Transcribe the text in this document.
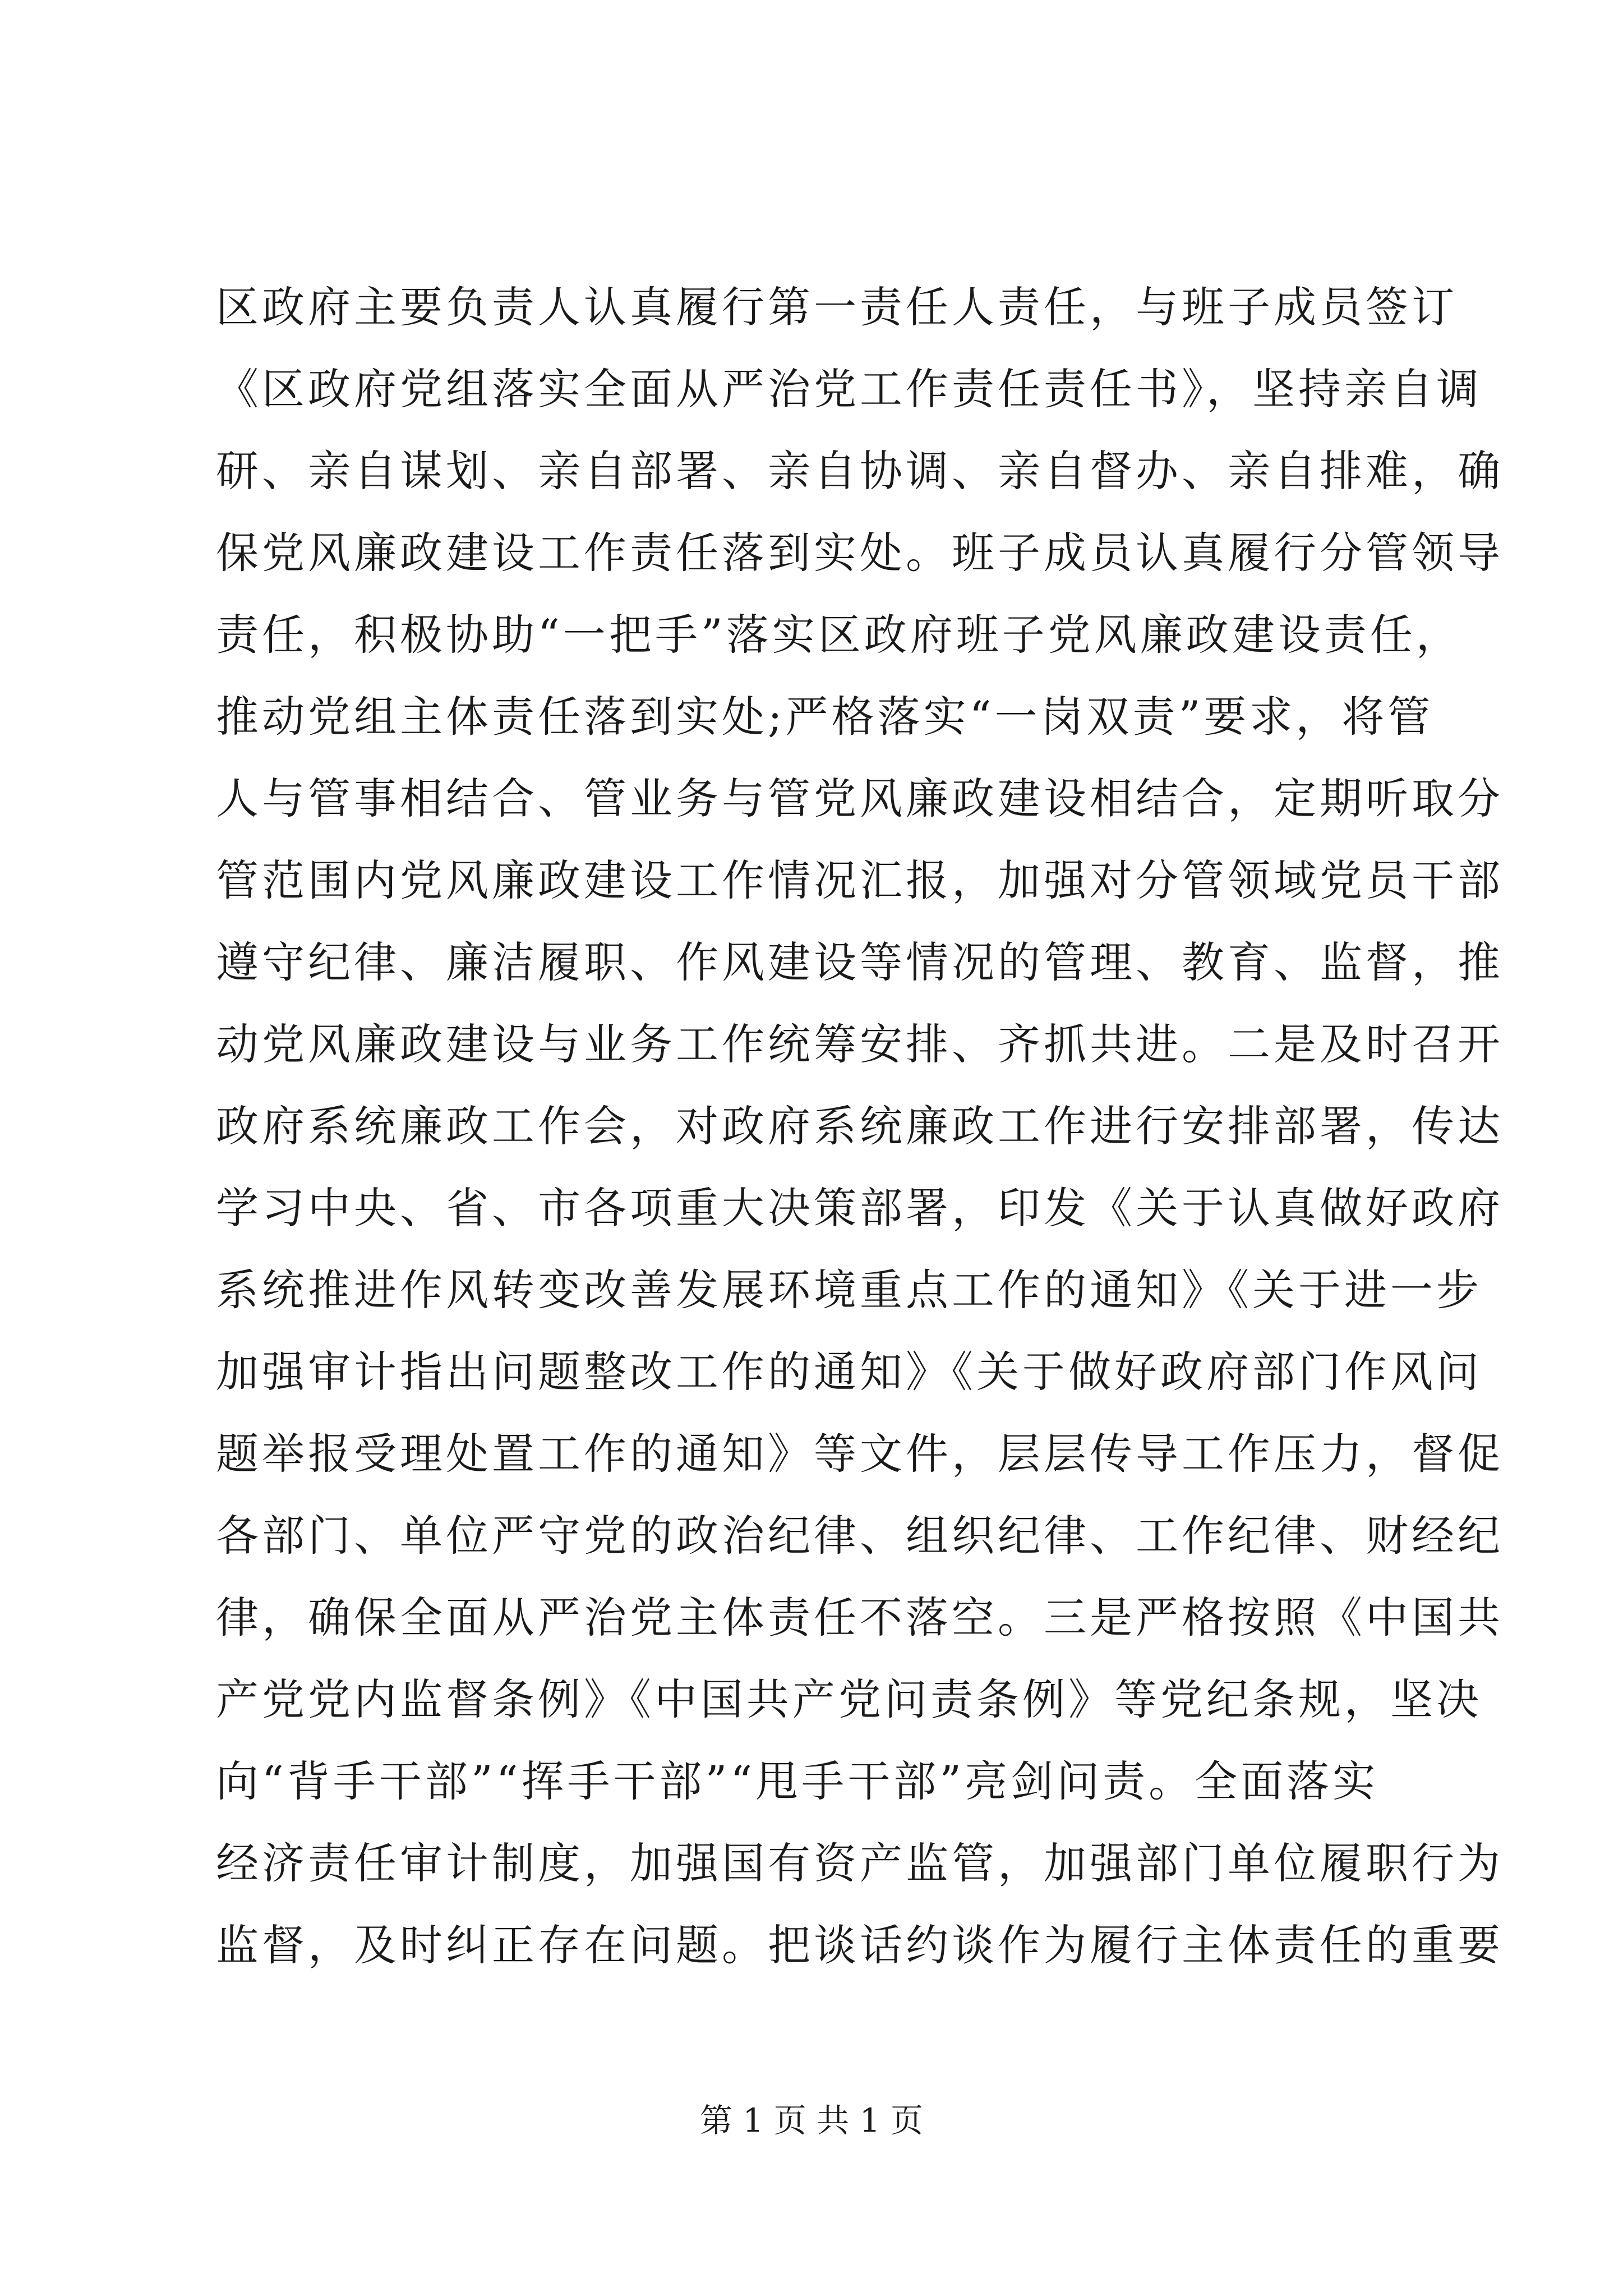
区政府主要负责人认真履行第一责任人责任，与班子成员签订
《区政府党组落实全面从严治党工作责任责任书》，坚持亲自调
研、亲自谋划、亲自部署、亲自协调、亲自督办、亲自排难，确
保党风廉政建设工作责任落到实处。班子成员认真履行分管领导
责任，积极协助“一把手”落实区政府班子党风廉政建设责任，
推动党组主体责任落到实处;严格落实“一岗双责”要求，将管
人与管事相结合、管业务与管党风廉政建设相结合，定期听取分
管范围内党风廉政建设工作情况汇报，加强对分管领域党员干部
遵守纪律、廉洁履职、作风建设等情况的管理、教育、监督，推
动党风廉政建设与业务工作统筹安排、齐抓共进。二是及时召开
政府系统廉政工作会，对政府系统廉政工作进行安排部署，传达
学习中央、省、市各项重大决策部署，印发《关于认真做好政府
系统推进作风转变改善发展环境重点工作的通知》《关于进一步
加强审计指出问题整改工作的通知》《关于做好政府部门作风问
题举报受理处置工作的通知》等文件，层层传导工作压力，督促
各部门、单位严守党的政治纪律、组织纪律、工作纪律、财经纪
律，确保全面从严治党主体责任不落空。三是严格按照《中国共
产党党内监督条例》《中国共产党问责条例》等党纪条规，坚决
向“背手干部”“挥手干部”“甩手干部”亮剑问责。全面落实
经济责任审计制度，加强国有资产监管，加强部门单位履职行为
监督，及时纠正存在问题。把谈话约谈作为履行主体责任的重要
第 1 页 共 1 页
